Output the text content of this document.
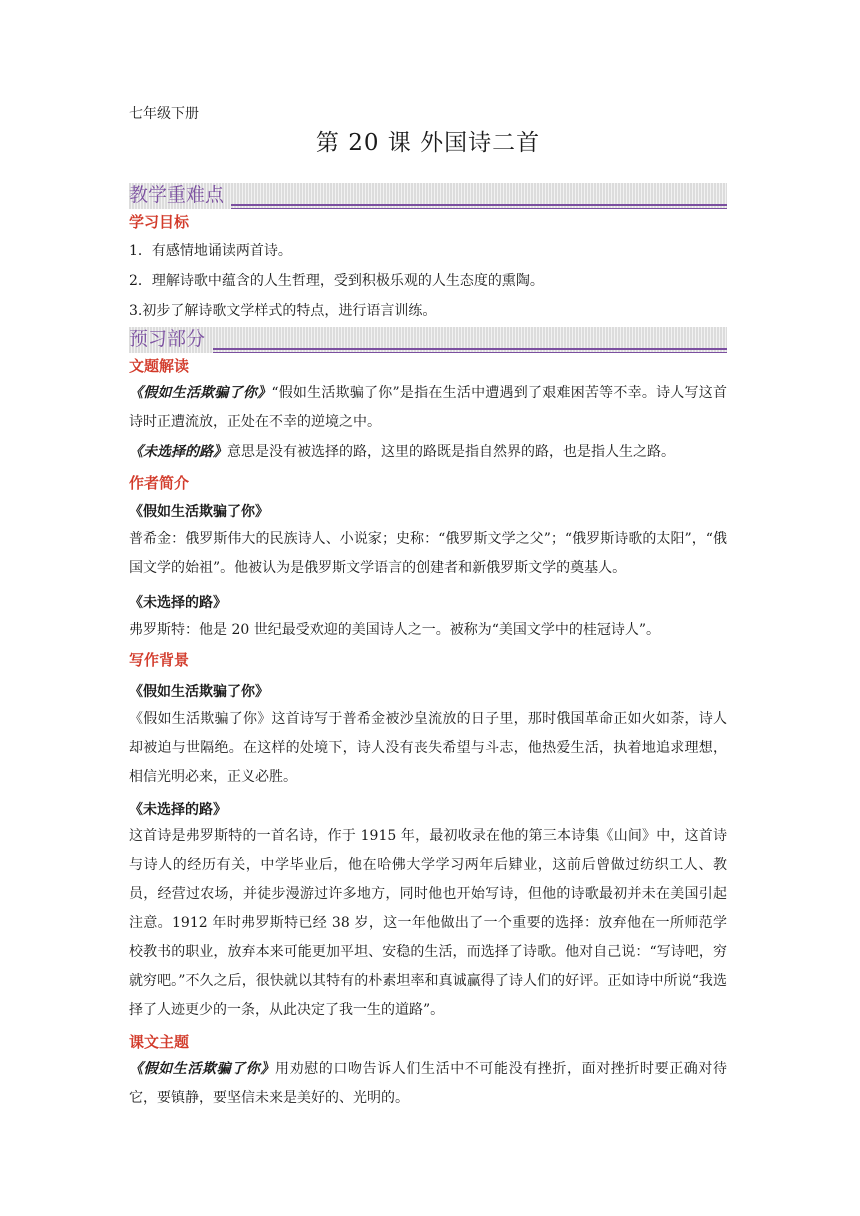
七年级下册
第 20 课 外国诗二首
教学重难点
学习目标
1．有感情地诵读两首诗。
2．理解诗歌中蕴含的人生哲理，受到积极乐观的人生态度的熏陶。
3.初步了解诗歌文学样式的特点，进行语言训练。
预习部分
文题解读
《假如生活欺骗了你》“假如生活欺骗了你”是指在生活中遭遇到了艰难困苦等不幸。诗人写这首诗时正遭流放，正处在不幸的逆境之中。
《未选择的路》意思是没有被选择的路，这里的路既是指自然界的路，也是指人生之路。
作者简介
《假如生活欺骗了你》
普希金：俄罗斯伟大的民族诗人、小说家；史称：“俄罗斯文学之父”；“俄罗斯诗歌的太阳”，“俄国文学的始祖”。他被认为是俄罗斯文学语言的创建者和新俄罗斯文学的奠基人。
《未选择的路》
弗罗斯特：他是 20 世纪最受欢迎的美国诗人之一。被称为“美国文学中的桂冠诗人”。
写作背景
《假如生活欺骗了你》
《假如生活欺骗了你》这首诗写于普希金被沙皇流放的日子里，那时俄国革命正如火如荼，诗人却被迫与世隔绝。在这样的处境下，诗人没有丧失希望与斗志，他热爱生活，执着地追求理想，相信光明必来，正义必胜。
《未选择的路》
这首诗是弗罗斯特的一首名诗，作于 1915 年，最初收录在他的第三本诗集《山间》中，这首诗与诗人的经历有关，中学毕业后，他在哈佛大学学习两年后肄业，这前后曾做过纺织工人、教员，经营过农场，并徒步漫游过许多地方，同时他也开始写诗，但他的诗歌最初并未在美国引起注意。1912 年时弗罗斯特已经 38 岁，这一年他做出了一个重要的选择：放弃他在一所师范学校教书的职业，放弃本来可能更加平坦、安稳的生活，而选择了诗歌。他对自己说：“写诗吧，穷就穷吧。”不久之后，很快就以其特有的朴素坦率和真诚赢得了诗人们的好评。正如诗中所说“我选择了人迹更少的一条，从此决定了我一生的道路”。
课文主题
《假如生活欺骗了你》用劝慰的口吻告诉人们生活中不可能没有挫折，面对挫折时要正确对待它，要镇静，要坚信未来是美好的、光明的。
